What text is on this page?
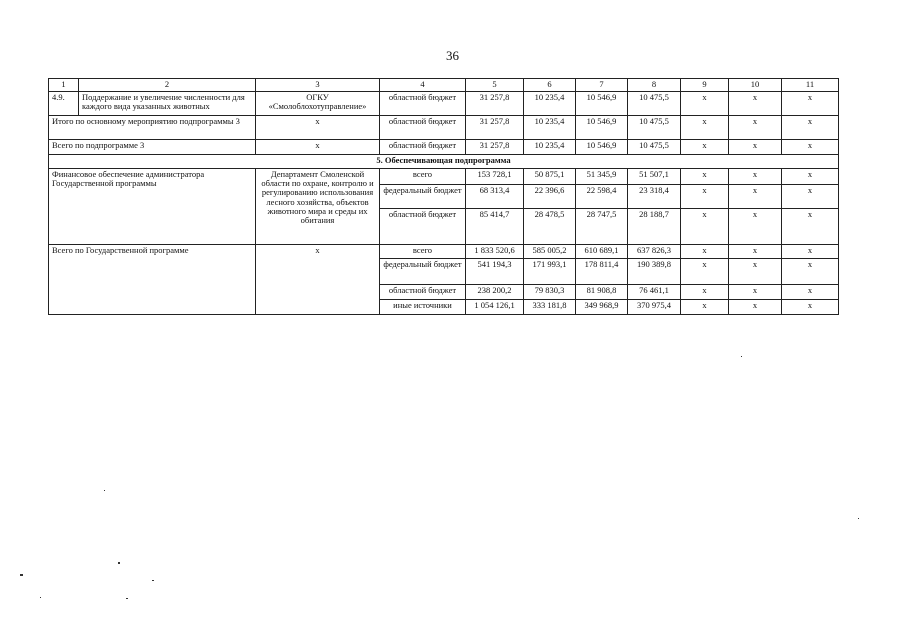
36
1	2	3	4	5	6	7	8	9	10	11
4.9.	Поддержание и увеличение численности для каждого вида указанных животных	ОГКУ «Смолоблохотуправление»	областной бюджет	31 257,8	10 235,4	10 546,9	10 475,5	х	х	х
Итого по основному мероприятию подпрограммы 3		х	областной бюджет	31 257,8	10 235,4	10 546,9	10 475,5	х	х	х
Всего по подпрограмме 3		х	областной бюджет	31 257,8	10 235,4	10 546,9	10 475,5	х	х	х
5. Обеспечивающая подпрограмма										
Финансовое обеспечение администратора Государственной программы		Департамент Смоленской области по охране, контролю и регулированию использования лесного хозяйства, объектов животного мира и среды их обитания	всего	153 728,1	50 875,1	51 345,9	51 507,1	х	х	х
			федеральный бюджет	68 313,4	22 396,6	22 598,4	23 318,4	х	х	х
			областной бюджет	85 414,7	28 478,5	28 747,5	28 188,7	х	х	х
Всего по Государственной программе		х	всего	1 833 520,6	585 005,2	610 689,1	637 826,3	х	х	х
			федеральный бюджет	541 194,3	171 993,1	178 811,4	190 389,8	х	х	х
			областной бюджет	238 200,2	79 830,3	81 908,8	76 461,1	х	х	х
			иные источники	1 054 126,1	333 181,8	349 968,9	370 975,4	х	х	х
